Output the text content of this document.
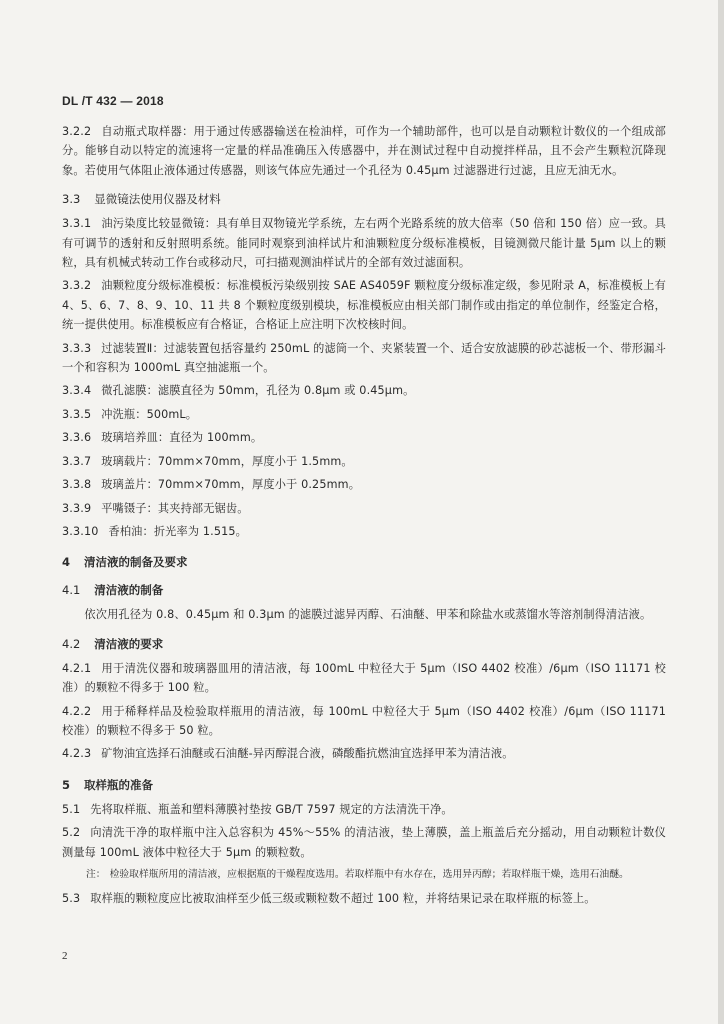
DL /T 432 — 2018

3.2.2 自动瓶式取样器：用于通过传感器输送在检油样，可作为一个辅助部件，也可以是自动颗粒计数仪的一个组成部分。能够自动以特定的流速将一定量的样品准确压入传感器中，并在测试过程中自动搅拌样品，且不会产生颗粒沉降现象。若使用气体阻止液体通过传感器，则该气体应先通过一个孔径为 0.45μm 过滤器进行过滤，且应无油无水。

3.3 显微镜法使用仪器及材料

3.3.1 油污染度比较显微镜：具有单目双物镜光学系统，左右两个光路系统的放大倍率（50 倍和 150 倍）应一致。具有可调节的透射和反射照明系统。能同时观察到油样试片和油颗粒度分级标准模板，目镜测微尺能计量 5μm 以上的颗粒，具有机械式转动工作台或移动尺，可扫描观测油样试片的全部有效过滤面积。

3.3.2 油颗粒度分级标准模板：标准模板污染级别按 SAE AS4059F 颗粒度分级标准定级，参见附录 A，标准模板上有 4、5、6、7、8、9、10、11 共 8 个颗粒度级别模块，标准模板应由相关部门制作或由指定的单位制作，经鉴定合格，统一提供使用。标准模板应有合格证，合格证上应注明下次校核时间。

3.3.3 过滤装置Ⅱ：过滤装置包括容量约 250mL 的滤筒一个、夹紧装置一个、适合安放滤膜的砂芯滤板一个、带形漏斗一个和容积为 1000mL 真空抽滤瓶一个。

3.3.4 微孔滤膜：滤膜直径为 50mm，孔径为 0.8μm 或 0.45μm。

3.3.5 冲洗瓶：500mL。

3.3.6 玻璃培养皿：直径为 100mm。

3.3.7 玻璃载片：70mm×70mm，厚度小于 1.5mm。

3.3.8 玻璃盖片：70mm×70mm，厚度小于 0.25mm。

3.3.9 平嘴镊子：其夹持部无锯齿。

3.3.10 香柏油：折光率为 1.515。

4 清洁液的制备及要求
4.1 清洁液的制备

依次用孔径为 0.8、0.45μm 和 0.3μm 的滤膜过滤异丙醇、石油醚、甲苯和除盐水或蒸馏水等溶剂制得清洁液。

4.2 清洁液的要求

4.2.1 用于清洗仪器和玻璃器皿用的清洁液，每 100mL 中粒径大于 5μm（ISO 4402 校准）/6μm（ISO 11171 校准）的颗粒不得多于 100 粒。

4.2.2 用于稀释样品及检验取样瓶用的清洁液，每 100mL 中粒径大于 5μm（ISO 4402 校准）/6μm（ISO 11171 校准）的颗粒不得多于 50 粒。

4.2.3 矿物油宜选择石油醚或石油醚-异丙醇混合液，磷酸酯抗燃油宜选择甲苯为清洁液。

5 取样瓶的准备

5.1 先将取样瓶、瓶盖和塑料薄膜衬垫按 GB/T 7597 规定的方法清洗干净。

5.2 向清洗干净的取样瓶中注入总容积为 45%～55% 的清洁液，垫上薄膜，盖上瓶盖后充分摇动，用自动颗粒计数仪测量每 100mL 液体中粒径大于 5μm 的颗粒数。

注： 检验取样瓶所用的清洁液，应根据瓶的干燥程度选用。若取样瓶中有水存在，选用异丙醇；若取样瓶干燥，选用石油醚。

5.3 取样瓶的颗粒度应比被取油样至少低三级或颗粒数不超过 100 粒，并将结果记录在取样瓶的标签上。

2
